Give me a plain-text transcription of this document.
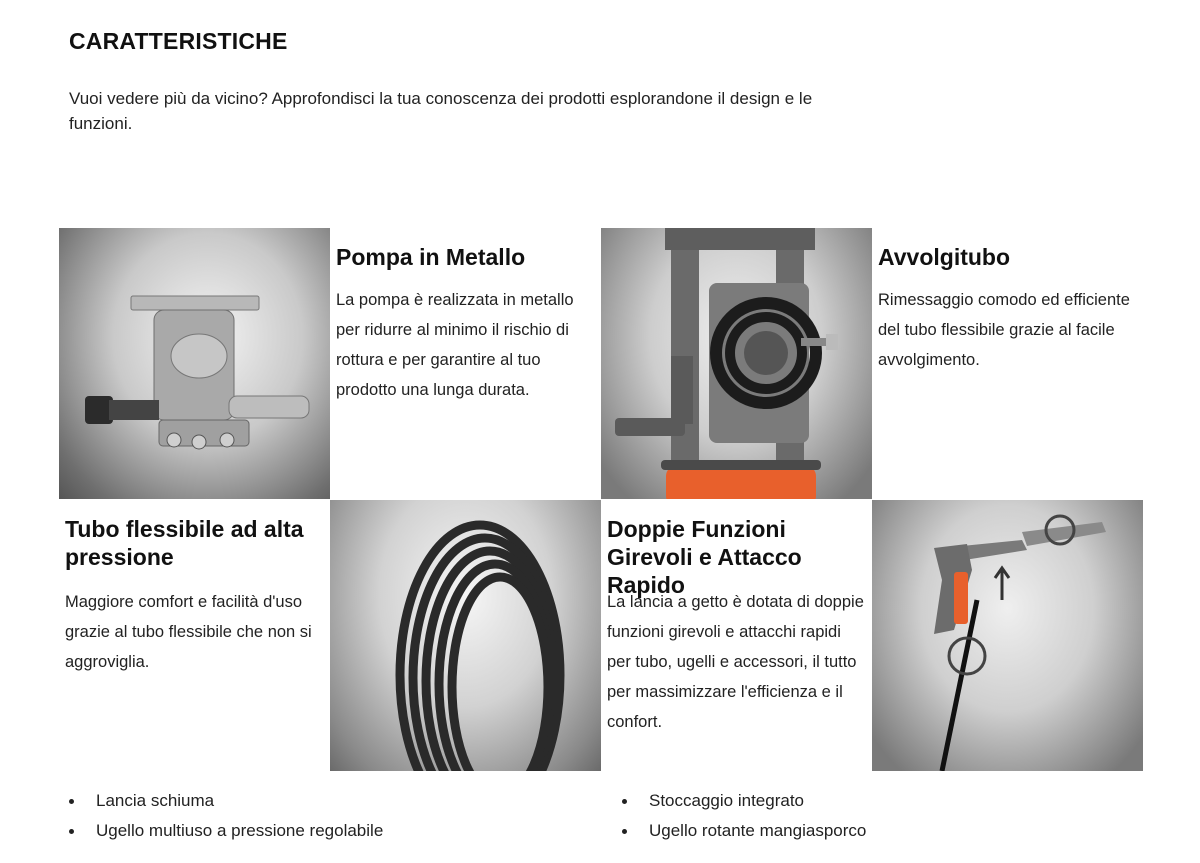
CARATTERISTICHE

Vuoi vedere più da vicino? Approfondisci la tua conoscenza dei prodotti esplorandone il design e le funzioni.

Pompa in Metallo

La pompa è realizzata in metallo per ridurre al minimo il rischio di rottura e per garantire al tuo prodotto una lunga durata.

Avvolgitubo

Rimessaggio comodo ed efficiente del tubo flessibile grazie al facile avvolgimento.

Tubo flessibile ad alta pressione

Maggiore comfort e facilità d'uso grazie al tubo flessibile che non si aggroviglia.

Doppie Funzioni Girevoli e Attacco Rapido

La lancia a getto è dotata di doppie funzioni girevoli e attacchi rapidi per tubo, ugelli e accessori, il tutto per massimizzare l'efficienza e il confort.

Lancia schiuma
Ugello multiuso a pressione regolabile
Stoccaggio integrato
Ugello rotante mangiasporco
